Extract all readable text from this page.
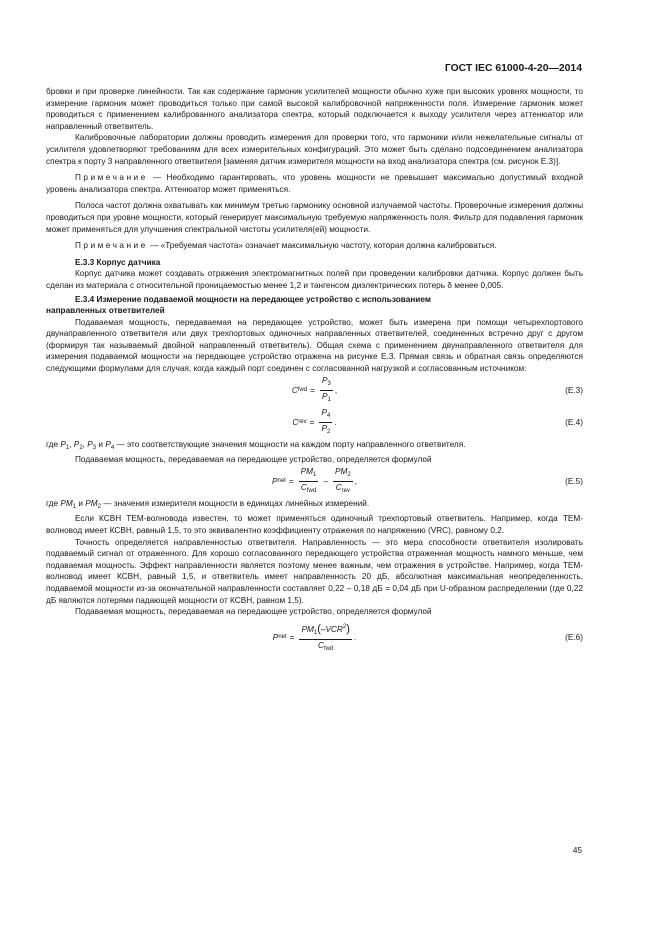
ГОСТ IEC 61000-4-20—2014

бровки и при проверке линейности. Так как содержание гармоник усилителей мощности обычно хуже при высоких уровнях мощности, то измерение гармоник может проводиться только при самой высокой калибровочной напряженности поля. Измерение гармоник может проводиться с применением калиброванного анализатора спектра, который подключается к выходу усилителя через аттенюатор или направленный ответвитель.

Калибровочные лаборатории должны проводить измерения для проверки того, что гармоники и/или нежелательные сигналы от усилителя удовлетворяют требованиям для всех измерительных конфигураций. Это может быть сделано подсоединением анализатора спектра к порту 3 направленного ответвителя [заменяя датчик измерителя мощности на вход анализатора спектра (см. рисунок Е.3)].

Примечание — Необходимо гарантировать, что уровень мощности не превышает максимально допустимый входной уровень анализатора спектра. Аттенюатор может применяться.

Полоса частот должна охватывать как минимум третью гармонику основной излучаемой частоты. Проверочные измерения должны проводиться при уровне мощности, который генерирует максимальную требуемую напряженность поля. Фильтр для подавления гармоник может применяться для улучшения спектральной чистоты усилителя(ей) мощности.

Примечание — «Требуемая частота» означает максимальную частоту, которая должна калиброваться.

Е.3.3 Корпус датчика

Корпус датчика может создавать отражения электромагнитных полей при проведении калибровки датчика. Корпус должен быть сделан из материала с относительной проницаемостью менее 1,2 и тангенсом диэлектрических потерь δ менее 0,005.

Е.3.4 Измерение подаваемой мощности на передающее устройство с использованием
направленных ответвителей

Подаваемая мощность, передаваемая на передающее устройство, может быть измерена при помощи четырехпортового двунаправленного ответвителя или двух трехпортовых одиночных направленных ответвителей, соединенных встречно друг с другом (формируя так называемый двойной направленный ответвитель). Общая схема с применением двунаправленного ответвителя для измерения подаваемой мощности на передающее устройство отражена на рисунке Е.3. Прямая связь и обратная связь определяются следующими формулами для случая, когда каждый порт соединен с согласованной нагрузкой и согласованным источником:

C fwd = $\frac{P_3}{P_1}$ ,	(Е.3)
C rev = $\frac{P_4}{P_2}$ .	(Е.4)

где $P_1$, $P_2$, $P_3$ и $P_4$ — это соответствующие значения мощности на каждом порту направленного ответвителя.

Подаваемая мощность, передаваемая на передающее устройство, определяется формулой

P net = $\frac{PM_1}{C_{fwd}} - \frac{PM_2}{C_{rev}}$ ,	(Е.5)

где $PM_1$ и $PM_2$ — значения измерителя мощности в единицах линейных измерений.

Если КСВН ТЕМ-волновода известен, то может применяться одиночный трехпортовый ответвитель. Например, когда ТЕМ-волновод имеет КСВН, равный 1,5, то это эквивалентно коэффициенту отражения по напряжению (VRC), равному 0,2.

Точность определяется направленностью ответвителя. Направленность — это мера способности ответвителя изолировать подаваемый сигнал от отраженного. Для хорошо согласованного передающего устройства отраженная мощность намного меньше, чем подаваемая мощность. Эффект направленности является поэтому менее важным, чем отражения в устройстве. Например, когда ТЕМ-волновод имеет КСВН, равный 1,5, и ответвитель имеет направленность 20 дБ, абсолютная максимальная неопределенность, подаваемой мощности из-за окончательной направленности составляет 0,22 – 0,18 дБ = 0,04 дБ при U-образном распределении (где 0,22 дБ являются потерями падающей мощности от КСВН, равном 1,5).

Подаваемая мощность, передаваемая на передающее устройство, определяется формулой

P net = $\frac{PM_1(-VCR^2)}{C_{fwd}}$ .	(Е.6)
45
